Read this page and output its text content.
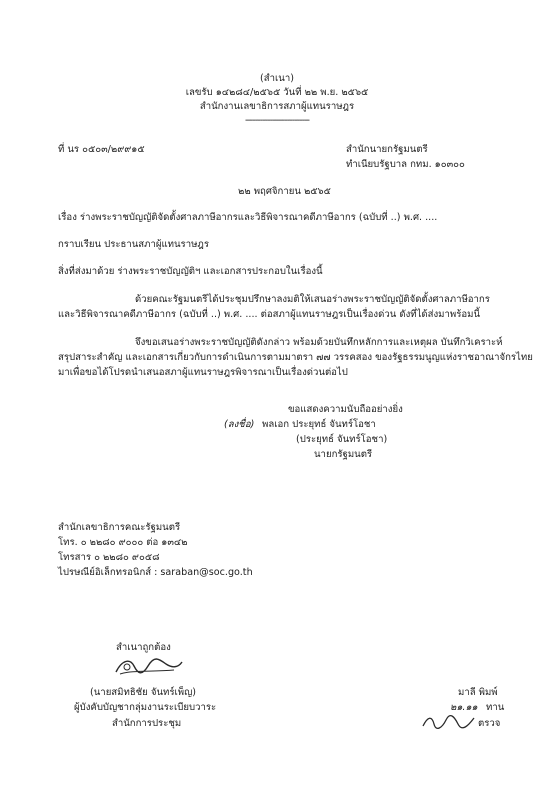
(สำเนา)
เลขรับ ๑๔๒๘๔/๒๕๖๕ วันที่ ๒๒ พ.ย. ๒๕๖๕
สำนักงานเลขาธิการสภาผู้แทนราษฎร
--------------------------
ที่ นร ๐๕๐๓/๒๙๙๑๕	สำนักนายกรัฐมนตรี
ทำเนียบรัฐบาล กทม. ๑๐๓๐๐
๒๒ พฤศจิกายน ๒๕๖๕
เรื่อง ร่างพระราชบัญญัติจัดตั้งศาลภาษีอากรและวิธีพิจารณาคดีภาษีอากร (ฉบับที่ ..) พ.ศ. ....
กราบเรียน ประธานสภาผู้แทนราษฎร
สิ่งที่ส่งมาด้วย ร่างพระราชบัญญัติฯ และเอกสารประกอบในเรื่องนี้
ด้วยคณะรัฐมนตรีได้ประชุมปรึกษาลงมติให้เสนอร่างพระราชบัญญัติจัดตั้งศาลภาษีอากร
และวิธีพิจารณาคดีภาษีอากร (ฉบับที่ ..) พ.ศ. .... ต่อสภาผู้แทนราษฎรเป็นเรื่องด่วน ดังที่ได้ส่งมาพร้อมนี้
จึงขอเสนอร่างพระราชบัญญัติดังกล่าว พร้อมด้วยบันทึกหลักการและเหตุผล บันทึกวิเคราะห์
สรุปสาระสำคัญ และเอกสารเกี่ยวกับการดำเนินการตามมาตรา ๗๗ วรรคสอง ของรัฐธรรมนูญแห่งราชอาณาจักรไทย
มาเพื่อขอได้โปรดนำเสนอสภาผู้แทนราษฎรพิจารณาเป็นเรื่องด่วนต่อไป
ขอแสดงความนับถืออย่างยิ่ง
(ลงชื่อ) พลเอก ประยุทธ์ จันทร์โอชา
(ประยุทธ์ จันทร์โอชา)
นายกรัฐมนตรี
สำนักเลขาธิการคณะรัฐมนตรี
โทร. ๐ ๒๒๘๐ ๙๐๐๐ ต่อ ๑๓๔๒
โทรสาร ๐ ๒๒๘๐ ๙๐๕๘
ไปรษณีย์อิเล็กทรอนิกส์ : saraban@soc.go.th
สำเนาถูกต้อง
(นายสมิทธิชัย จันทร์เพ็ญ)
ผู้บังคับบัญชากลุ่มงานระเบียบวาระ
สำนักการประชุม
มาลี พิมพ์
๒๑.๑๑ ทาน
ตรวจ
